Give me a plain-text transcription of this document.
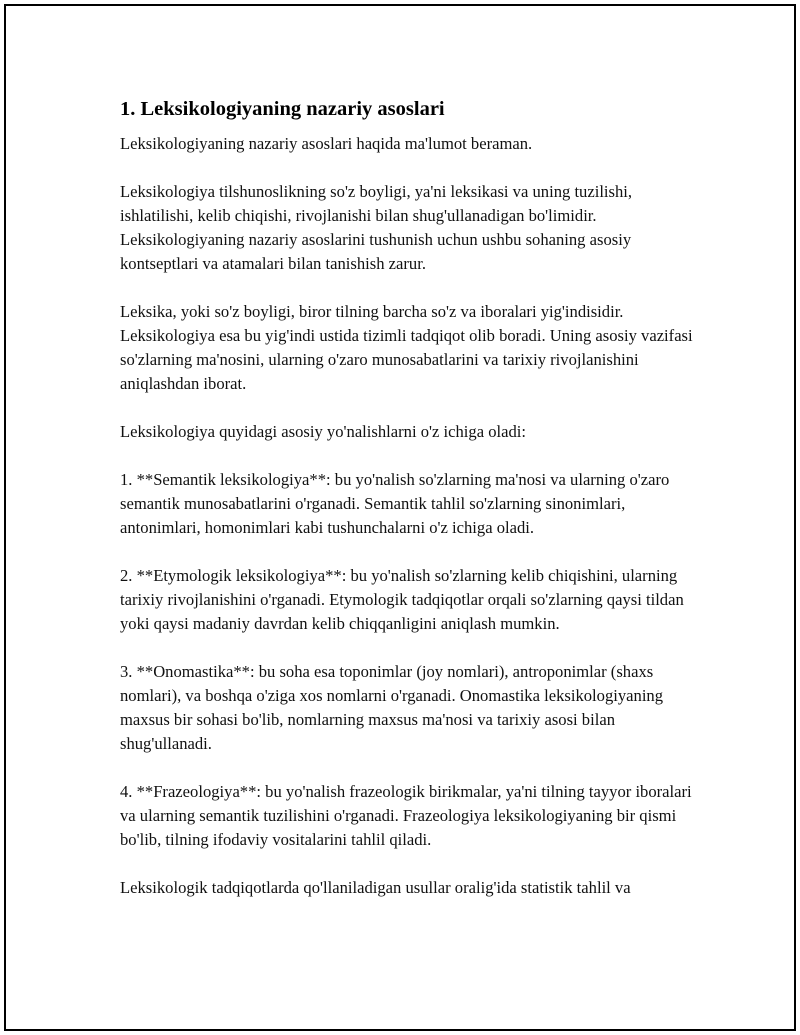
1. Leksikologiyaning nazariy asoslari

Leksikologiyaning nazariy asoslari haqida ma'lumot beraman.

Leksikologiya tilshunoslikning so'z boyligi, ya'ni leksikasi va uning tuzilishi, ishlatilishi, kelib chiqishi, rivojlanishi bilan shug'ullanadigan bo'limidir. Leksikologiyaning nazariy asoslarini tushunish uchun ushbu sohaning asosiy kontseptlari va atamalari bilan tanishish zarur.

Leksika, yoki so'z boyligi, biror tilning barcha so'z va iboralari yig'indisidir. Leksikologiya esa bu yig'indi ustida tizimli tadqiqot olib boradi. Uning asosiy vazifasi so'zlarning ma'nosini, ularning o'zaro munosabatlarini va tarixiy rivojlanishini aniqlashdan iborat.

Leksikologiya quyidagi asosiy yo'nalishlarni o'z ichiga oladi:

1. **Semantik leksikologiya**: bu yo'nalish so'zlarning ma'nosi va ularning o'zaro semantik munosabatlarini o'rganadi. Semantik tahlil so'zlarning sinonimlari, antonimlari, homonimlari kabi tushunchalarni o'z ichiga oladi.

2. **Etymologik leksikologiya**: bu yo'nalish so'zlarning kelib chiqishini, ularning tarixiy rivojlanishini o'rganadi. Etymologik tadqiqotlar orqali so'zlarning qaysi tildan yoki qaysi madaniy davrdan kelib chiqqanligini aniqlash mumkin.

3. **Onomastika**: bu soha esa toponimlar (joy nomlari), antroponimlar (shaxs nomlari), va boshqa o'ziga xos nomlarni o'rganadi. Onomastika leksikologiyaning maxsus bir sohasi bo'lib, nomlarning maxsus ma'nosi va tarixiy asosi bilan shug'ullanadi.

4. **Frazeologiya**: bu yo'nalish frazeologik birikmalar, ya'ni tilning tayyor iboralari va ularning semantik tuzilishini o'rganadi. Frazeologiya leksikologiyaning bir qismi bo'lib, tilning ifodaviy vositalarini tahlil qiladi.

Leksikologik tadqiqotlarda qo'llaniladigan usullar oralig'ida statistik tahlil va
